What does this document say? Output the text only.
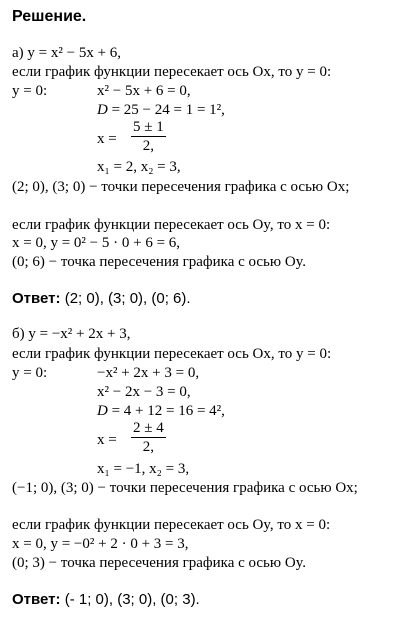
Решение.
а) y = x² − 5x + 6,
если график функции пересекает ось Ox, то y = 0:
y = 0:	x² − 5x + 6 = 0,
D = 25 − 24 = 1 = 1²,
$x = \frac{5 \pm 1}{2,}$
x₁ = 2, x₂ = 3,
(2; 0), (3; 0) − точки пересечения графика с осью Ox;
если график функции пересекает ось Oy, то x = 0:
x = 0, y = 0² − 5 · 0 + 6 = 6,
(0; 6) − точка пересечения графика с осью Oy.
Ответ: (2; 0), (3; 0), (0; 6).
б) y = −x² + 2x + 3,
если график функции пересекает ось Ox, то y = 0:
y = 0:	−x² + 2x + 3 = 0,
x² − 2x − 3 = 0,
D = 4 + 12 = 16 = 4²,
$x = \frac{2 \pm 4}{2,}$
x₁ = −1, x₂ = 3,
(−1; 0), (3; 0) − точки пересечения графика с осью Ox;
если график функции пересекает ось Oy, то x = 0:
x = 0, y = −0² + 2 · 0 + 3 = 3,
(0; 3) − точка пересечения графика с осью Oy.
Ответ: (- 1; 0), (3; 0), (0; 3).
